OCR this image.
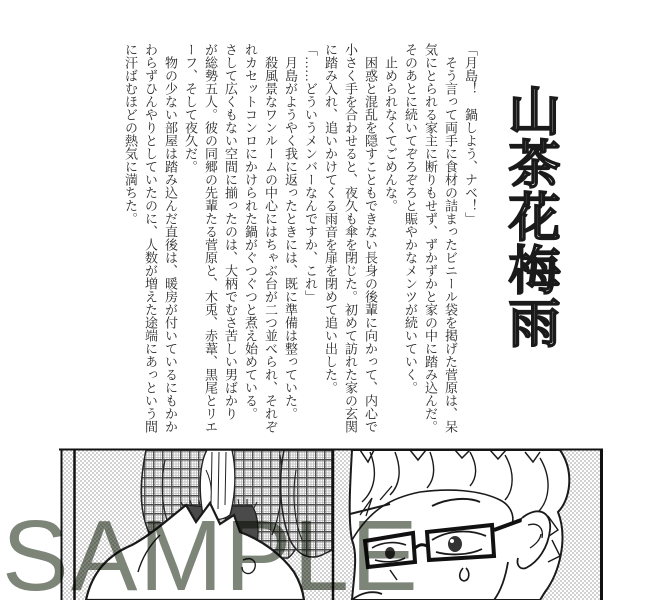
山茶花梅雨

「月島！　鍋しよう、ナベ！」

　そう言って両手に食材の詰まったビニール袋を掲げた菅原は、呆

気にとられる家主に断りもせず、ずかずかと家の中に踏み込んだ。

そのあとに続いてぞろぞろと賑やかなメンツが続いていく。

　止められなくてごめんな。

　困惑と混乱を隠すこともできない長身の後輩に向かって、内心で

小さく手を合わせると、夜久も傘を閉じた。初めて訪れた家の玄関

に踏み入れ、追いかけてくる雨音を扉を閉めて追い出した。

「……どういうメンバーなんですか、これ」

　月島がようやく我に返ったときには、既に準備は整っていた。

　殺風景なワンルームの中心にはちゃぶ台が二つ並べられ、それぞ

れカセットコンロにかけられた鍋がぐつぐつと煮え始めている。

さして広くもない空間に揃ったのは、大柄でむさ苦しい男ばかり

が総勢五人。彼の同郷の先輩たる菅原と、木兎、赤葦、黒尾とリエ

ーフ、そして夜久だ。

　物の少ない部屋は踏み込んだ直後は、暖房が付いているにもかか

わらずひんやりとしていたのに、人数が増えた途端にあっという間

に汗ばむほどの熱気に満ちた。

SAMPLE
